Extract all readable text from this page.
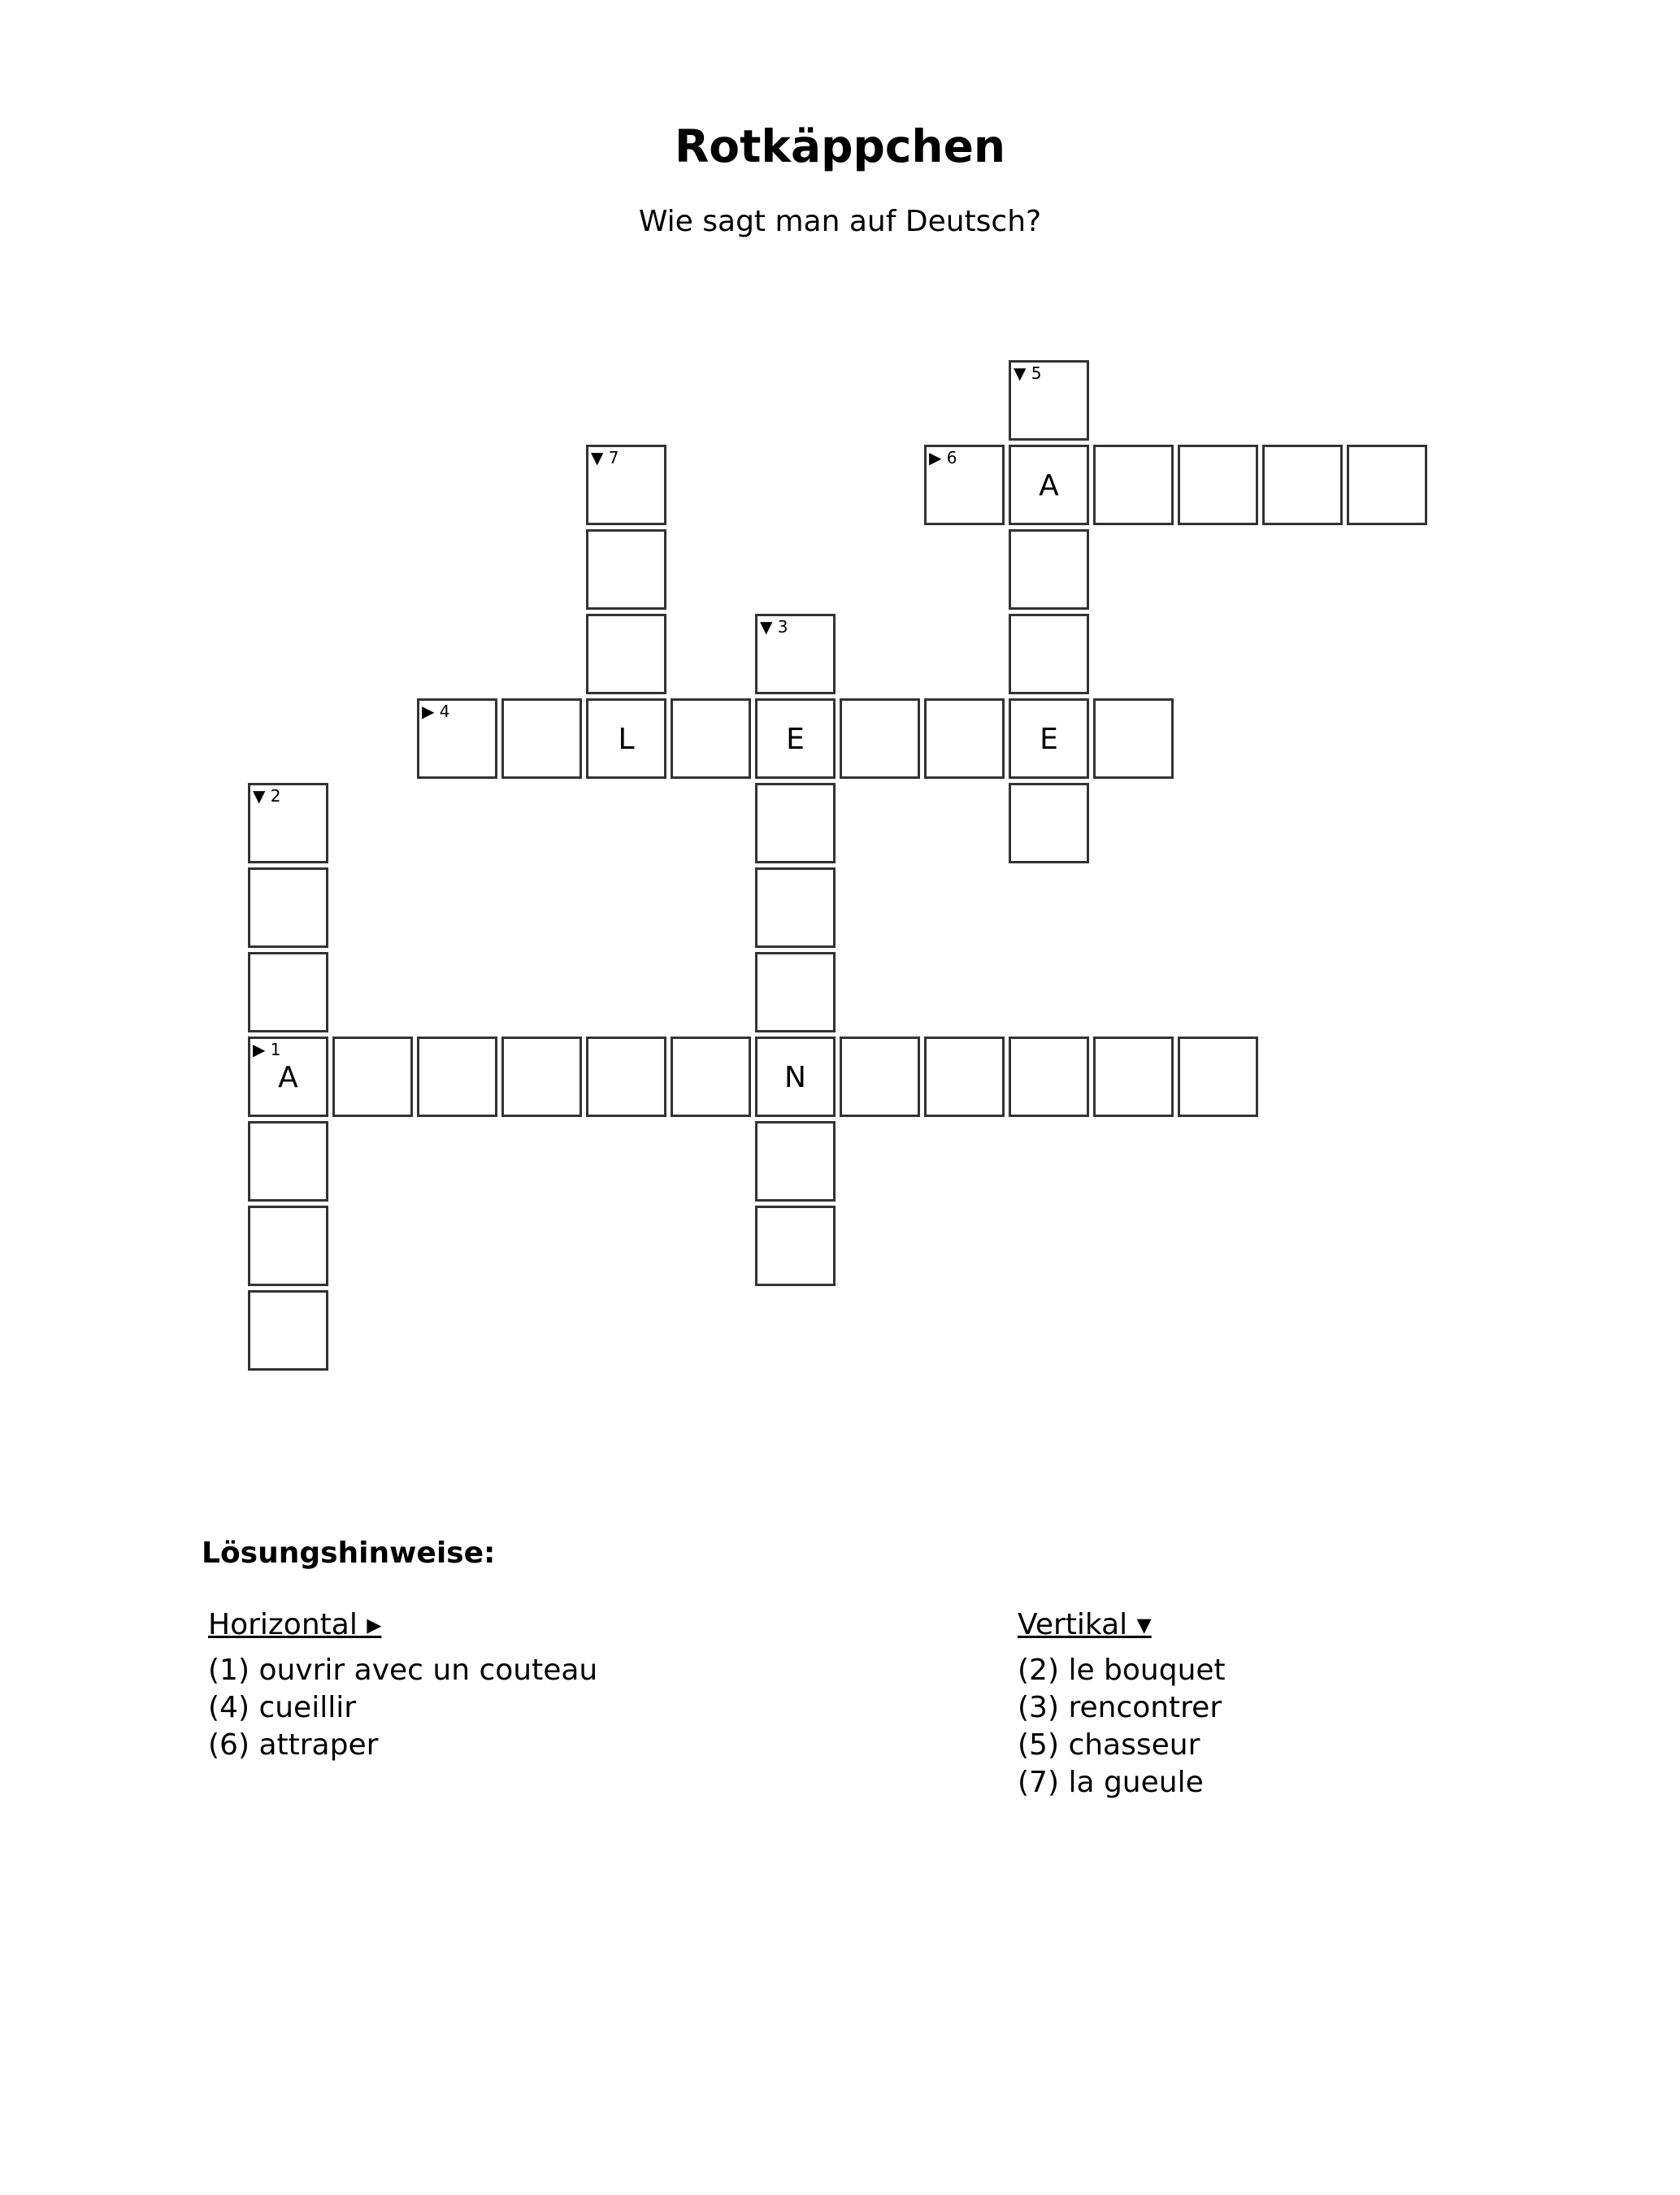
Rotkäppchen
Wie sagt man auf Deutsch?
▼ 5
▼ 7	▶ 6
A
▼ 3
▶ 4
L	E	E
▼ 2
▶ 1
A	N
Lösungshinweise:
Horizontal ▸
(1) ouvrir avec un couteau
(4) cueillir
(6) attraper
Vertikal ▾
(2) le bouquet
(3) rencontrer
(5) chasseur
(7) la gueule
